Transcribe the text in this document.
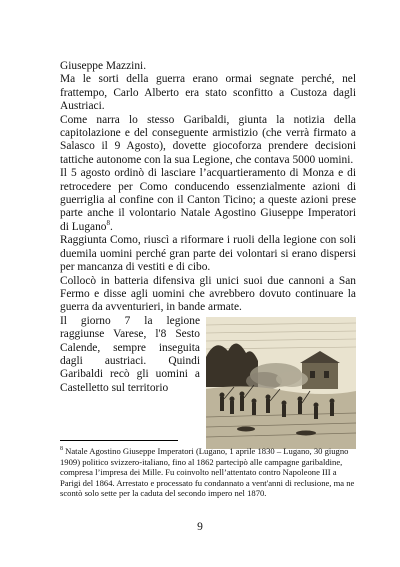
Giuseppe Mazzini.

Ma le sorti della guerra erano ormai segnate perché, nel frattempo, Carlo Alberto era stato sconfitto a Custoza dagli Austriaci.

Come narra lo stesso Garibaldi, giunta la notizia della capitolazione e del conseguente armistizio (che verrà firmato a Salasco il 9 Agosto), dovette giocoforza prendere decisioni tattiche autonome con la sua Legione, che contava 5000 uomini.

Il 5 agosto ordinò di lasciare l’acquartieramento di Monza e di retrocedere per Como conducendo essenzialmente azioni di guerriglia al confine con il Canton Ticino; a queste azioni prese parte anche il volontario Natale Agostino Giuseppe Imperatori di Lugano$^8$.

Raggiunta Como, riuscì a riformare i ruoli della legione con soli duemila uomini perché gran parte dei volontari si erano dispersi per mancanza di vestiti e di cibo.

Collocò in batteria difensiva gli unici suoi due cannoni a San Fermo e disse agli uomini che avrebbero dovuto continuare la guerra da avventurieri, in bande armate.

Il giorno 7 la legione raggiunse Varese, l'8 Sesto Calende, sempre inseguita dagli austriaci. Quindi Garibaldi recò gli uomini a Castelletto sul territorio

$^8$ Natale Agostino Giuseppe Imperatori (Lugano, 1 aprile 1830 – Lugano, 30 giugno 1909) politico svizzero-italiano, fino al 1862 partecipò alle campagne garibaldine, compresa l’impresa dei Mille. Fu coinvolto nell’attentato contro Napoleone III a Parigi del 1864. Arrestato e processato fu condannato a vent'anni di reclusione, ma ne scontò solo sette per la caduta del secondo impero nel 1870.
9
